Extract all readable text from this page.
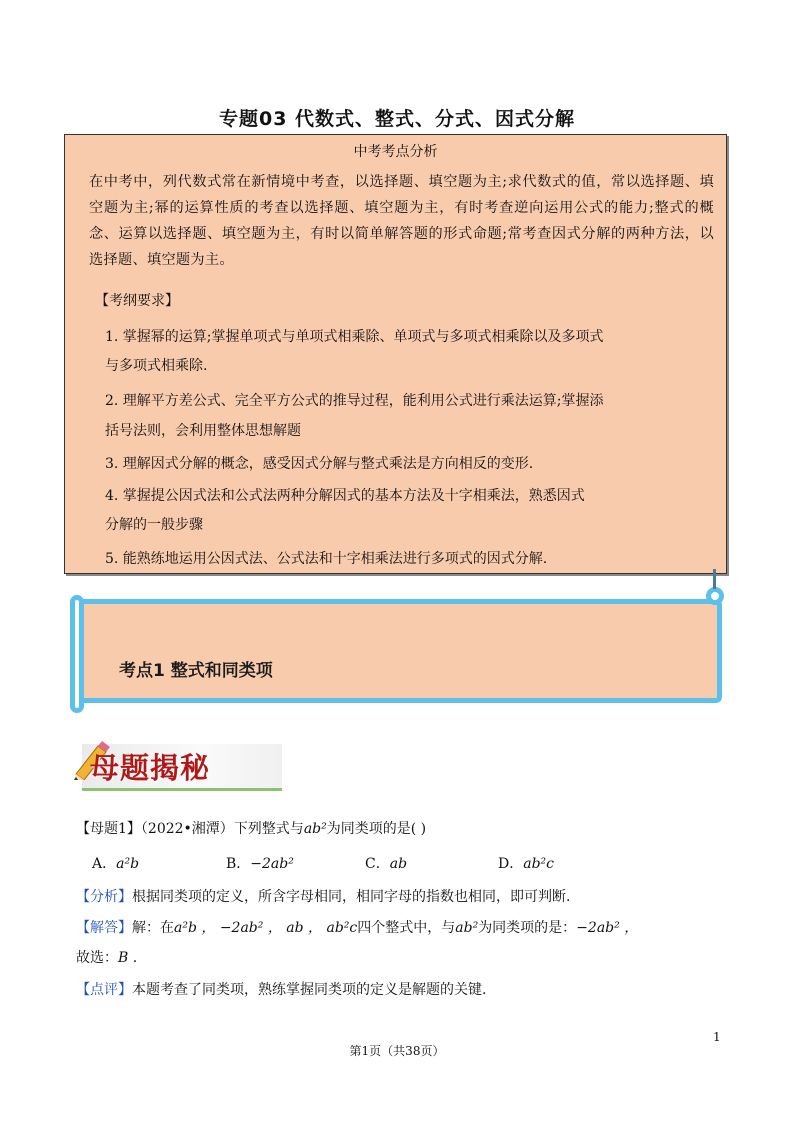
专题03 代数式、整式、分式、因式分解
中考考点分析
在中考中，列代数式常在新情境中考查，以选择题、填空题为主;求代数式的值，常以选择题、填空题为主;幂的运算性质的考查以选择题、填空题为主，有时考查逆向运用公式的能力;整式的概念、运算以选择题、填空题为主，有时以简单解答题的形式命题;常考查因式分解的两种方法，以选择题、填空题为主。
【考纲要求】
1. 掌握幂的运算;掌握单项式与单项式相乘除、单项式与多项式相乘除以及多项式
与多项式相乘除.
2. 理解平方差公式、完全平方公式的推导过程，能利用公式进行乘法运算;掌握添
括号法则，会利用整体思想解题
3. 理解因式分解的概念，感受因式分解与整式乘法是方向相反的变形.
4. 掌握提公因式法和公式法两种分解因式的基本方法及十字相乘法，熟悉因式
分解的一般步骤
5. 能熟练地运用公因式法、公式法和十字相乘法进行多项式的因式分解.
考点1 整式和同类项
母题揭秘
【母题1】（2022•湘潭）下列整式与ab²为同类项的是( )
A．a²b	B．−2ab²	C．ab	D．ab²c
【分析】根据同类项的定义，所含字母相同，相同字母的指数也相同，即可判断.
【解答】解：在a²b ， −2ab² ， ab ， ab²c四个整式中，与ab²为同类项的是：−2ab² ，
故选：B .
【点评】本题考查了同类项，熟练掌握同类项的定义是解题的关键.
1
第1页（共38页）
